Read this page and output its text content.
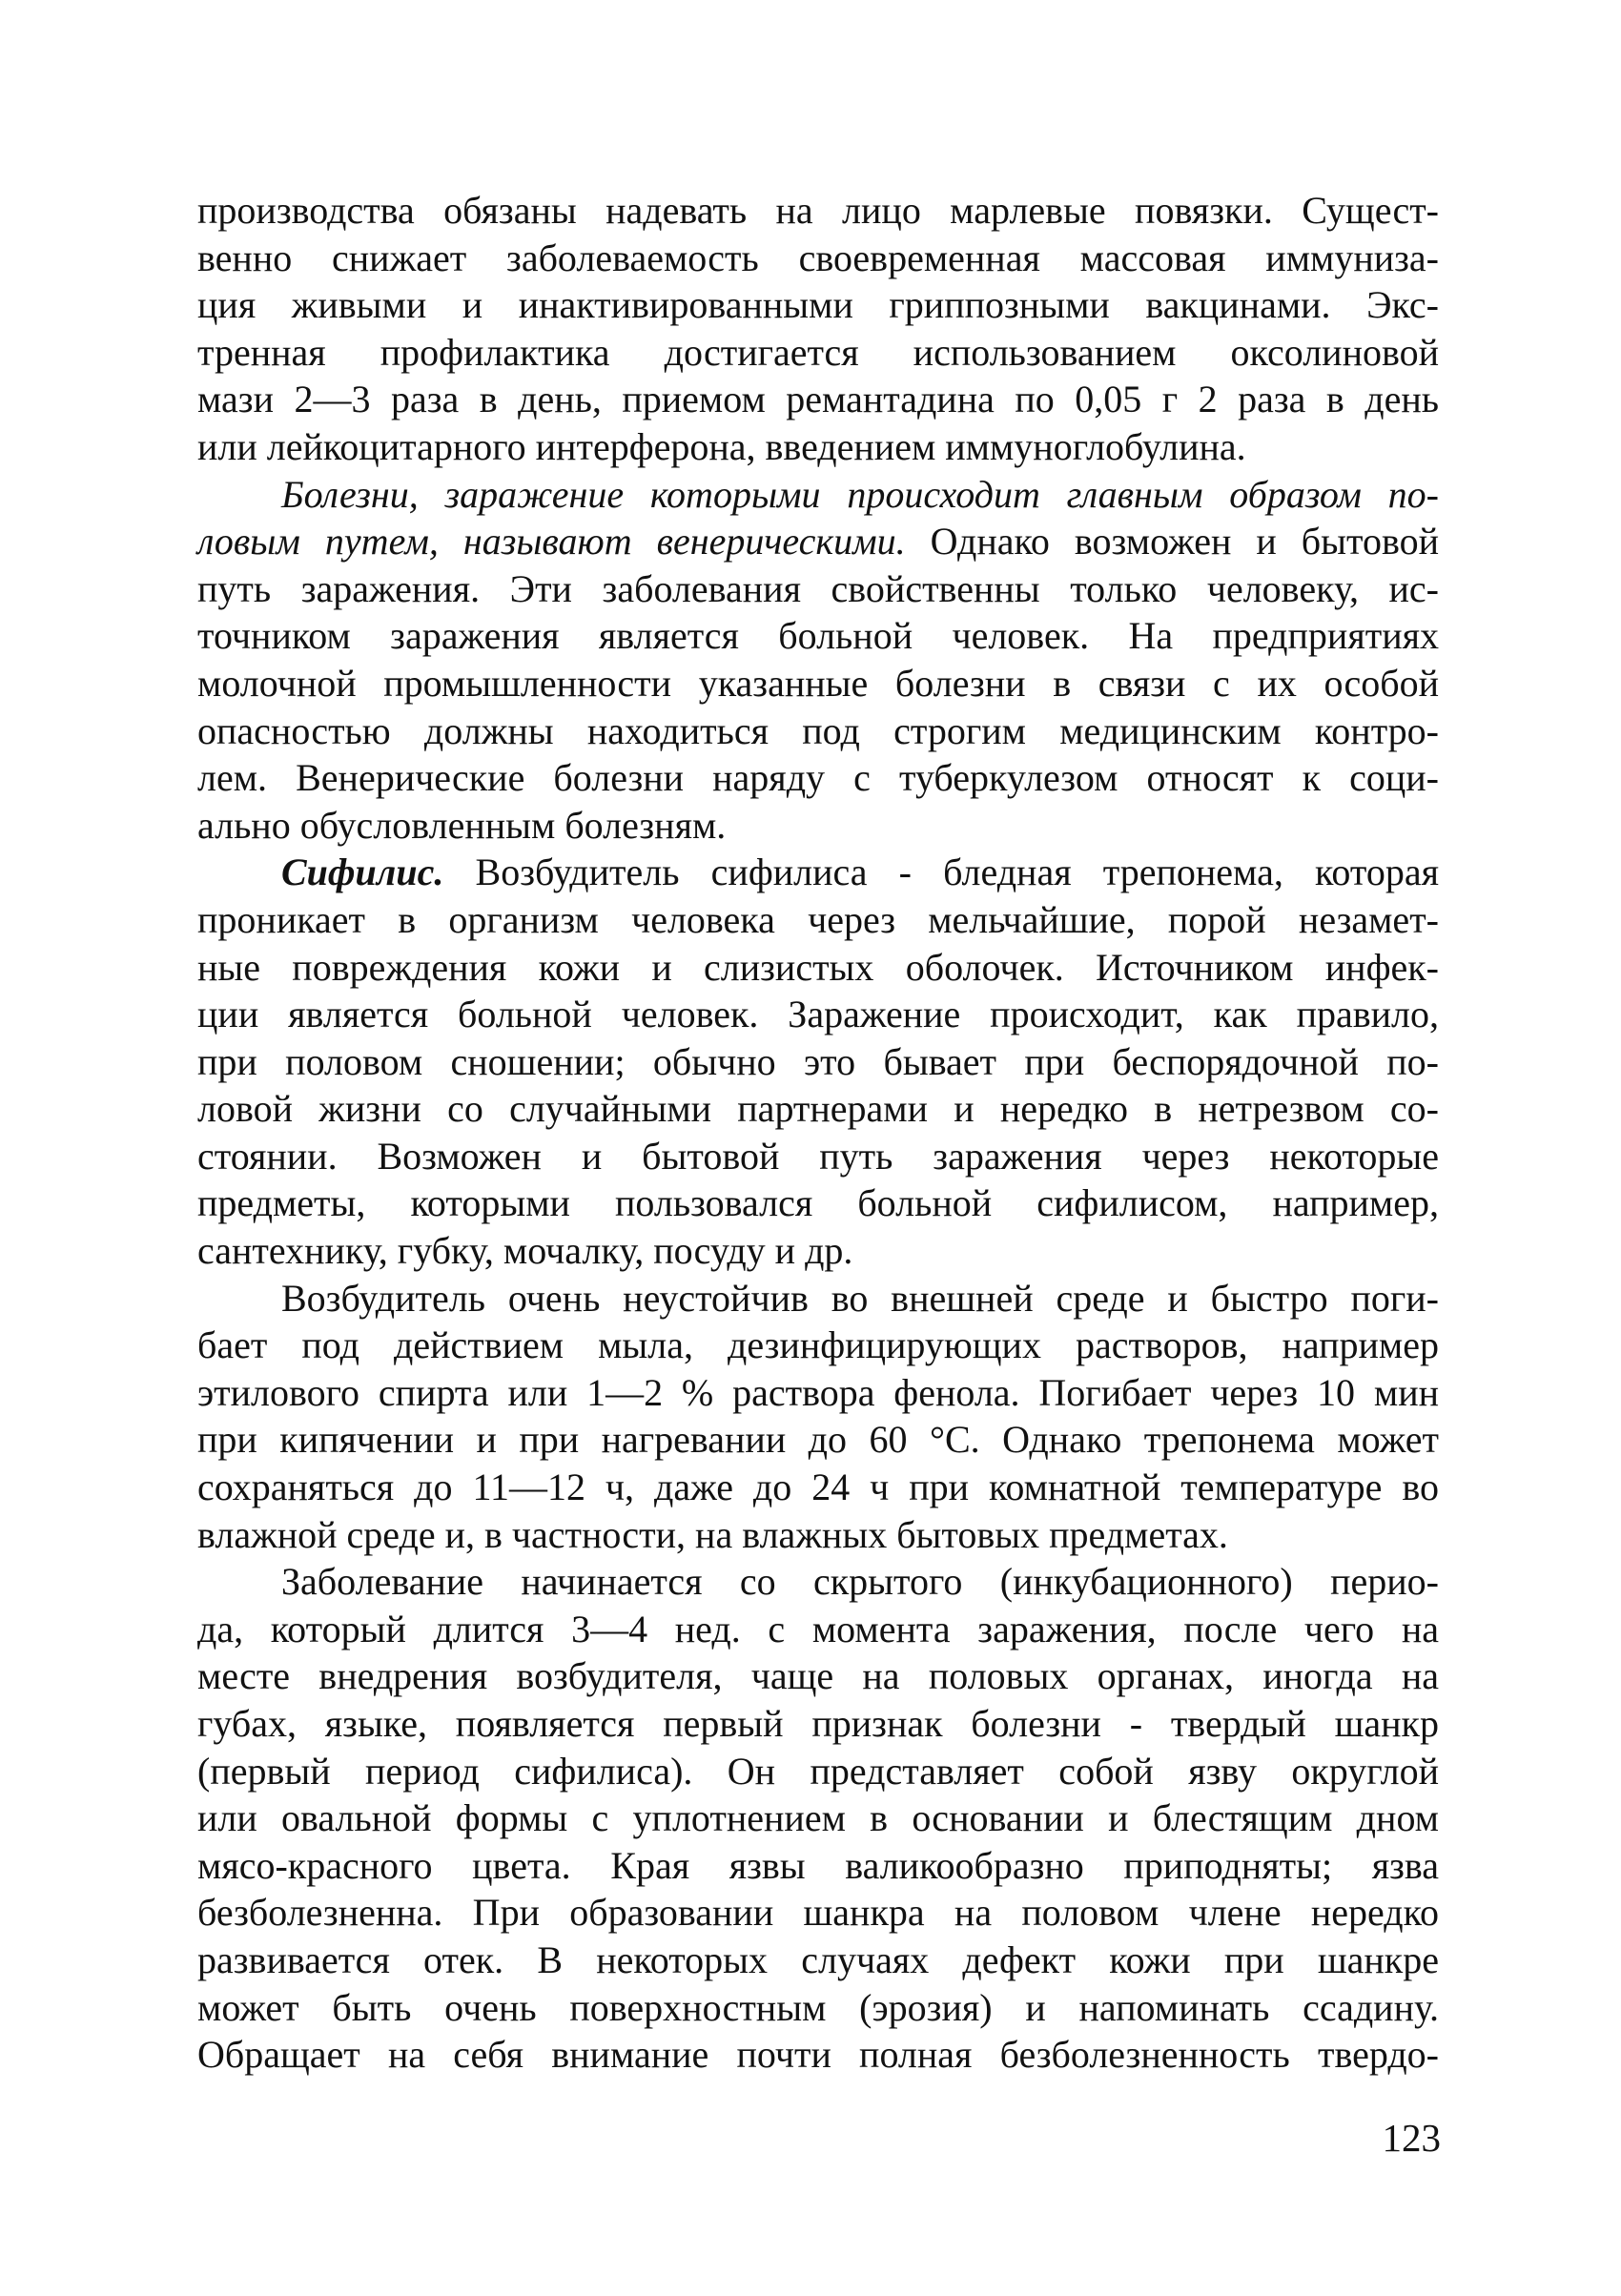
производства обязаны надевать на лицо марлевые повязки. Сущест-
венно снижает заболеваемость своевременная массовая иммуниза-
ция живыми и инактивированными гриппозными вакцинами. Экс-
тренная профилактика достигается использованием оксолиновой
мази 2—3 раза в день, приемом ремантадина по 0,05 г 2 раза в день
или лейкоцитарного интерферона, введением иммуноглобулина.
Болезни, заражение которыми происходит главным образом по-
ловым путем, называют венерическими. Однако возможен и бытовой
путь заражения. Эти заболевания свойственны только человеку, ис-
точником заражения является больной человек. На предприятиях
молочной промышленности указанные болезни в связи с их особой
опасностью должны находиться под строгим медицинским контро-
лем. Венерические болезни наряду с туберкулезом относят к соци-
ально обусловленным болезням.
Сифилис. Возбудитель сифилиса - бледная трепонема, которая
проникает в организм человека через мельчайшие, порой незамет-
ные повреждения кожи и слизистых оболочек. Источником инфек-
ции является больной человек. Заражение происходит, как правило,
при половом сношении; обычно это бывает при беспорядочной по-
ловой жизни со случайными партнерами и нередко в нетрезвом со-
стоянии. Возможен и бытовой путь заражения через некоторые
предметы, которыми пользовался больной сифилисом, например,
сантехнику, губку, мочалку, посуду и др.
Возбудитель очень неустойчив во внешней среде и быстро поги-
бает под действием мыла, дезинфицирующих растворов, например
этилового спирта или 1—2 % раствора фенола. Погибает через 10 мин
при кипячении и при нагревании до 60 °С. Однако трепонема может
сохраняться до 11—12 ч, даже до 24 ч при комнатной температуре во
влажной среде и, в частности, на влажных бытовых предметах.
Заболевание начинается со скрытого (инкубационного) перио-
да, который длится 3—4 нед. с момента заражения, после чего на
месте внедрения возбудителя, чаще на половых органах, иногда на
губах, языке, появляется первый признак болезни - твердый шанкр
(первый период сифилиса). Он представляет собой язву округлой
или овальной формы с уплотнением в основании и блестящим дном
мясо-красного цвета. Края язвы валикообразно приподняты; язва
безболезненна. При образовании шанкра на половом члене нередко
развивается отек. В некоторых случаях дефект кожи при шанкре
может быть очень поверхностным (эрозия) и напоминать ссадину.
Обращает на себя внимание почти полная безболезненность твердо-
123
